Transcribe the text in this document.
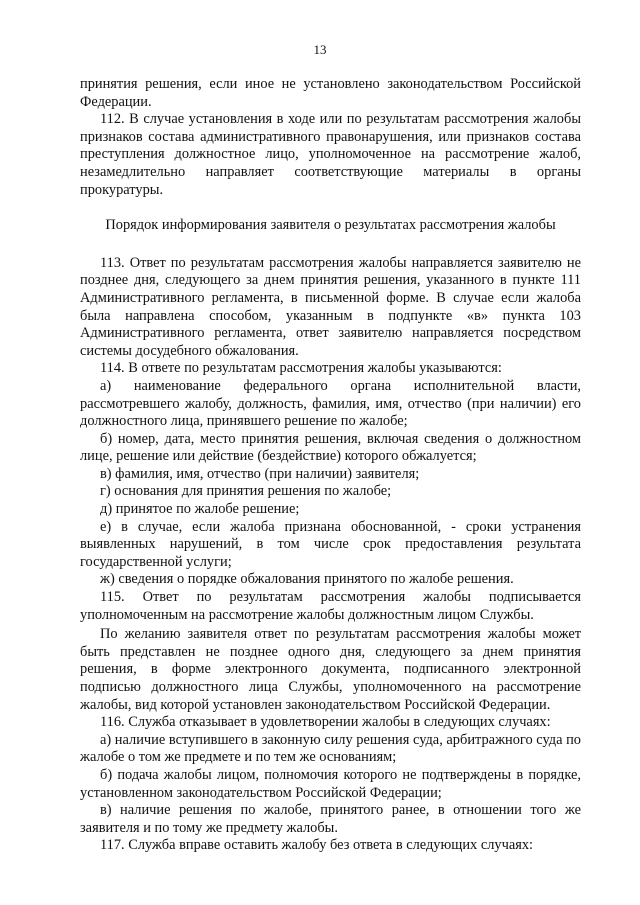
13

принятия решения, если иное не установлено законодательством Российской Федерации.

112. В случае установления в ходе или по результатам рассмотрения жалобы признаков состава административного правонарушения, или признаков состава преступления должностное лицо, уполномоченное на рассмотрение жалоб, незамедлительно направляет соответствующие материалы в органы прокуратуры.

Порядок информирования заявителя о результатах рассмотрения жалобы

113. Ответ по результатам рассмотрения жалобы направляется заявителю не позднее дня, следующего за днем принятия решения, указанного в пункте 111 Административного регламента, в письменной форме. В случае если жалоба была направлена способом, указанным в подпункте «в» пункта 103 Административного регламента, ответ заявителю направляется посредством системы досудебного обжалования.

114. В ответе по результатам рассмотрения жалобы указываются:

а) наименование федерального органа исполнительной власти, рассмотревшего жалобу, должность, фамилия, имя, отчество (при наличии) его должностного лица, принявшего решение по жалобе;

б) номер, дата, место принятия решения, включая сведения о должностном лице, решение или действие (бездействие) которого обжалуется;

в) фамилия, имя, отчество (при наличии) заявителя;

г) основания для принятия решения по жалобе;

д) принятое по жалобе решение;

е) в случае, если жалоба признана обоснованной, - сроки устранения выявленных нарушений, в том числе срок предоставления результата государственной услуги;

ж) сведения о порядке обжалования принятого по жалобе решения.

115. Ответ по результатам рассмотрения жалобы подписывается уполномоченным на рассмотрение жалобы должностным лицом Службы.

По желанию заявителя ответ по результатам рассмотрения жалобы может быть представлен не позднее одного дня, следующего за днем принятия решения, в форме электронного документа, подписанного электронной подписью должностного лица Службы, уполномоченного на рассмотрение жалобы, вид которой установлен законодательством Российской Федерации.

116. Служба отказывает в удовлетворении жалобы в следующих случаях:

а) наличие вступившего в законную силу решения суда, арбитражного суда по жалобе о том же предмете и по тем же основаниям;

б) подача жалобы лицом, полномочия которого не подтверждены в порядке, установленном законодательством Российской Федерации;

в) наличие решения по жалобе, принятого ранее, в отношении того же заявителя и по тому же предмету жалобы.

117. Служба вправе оставить жалобу без ответа в следующих случаях:
